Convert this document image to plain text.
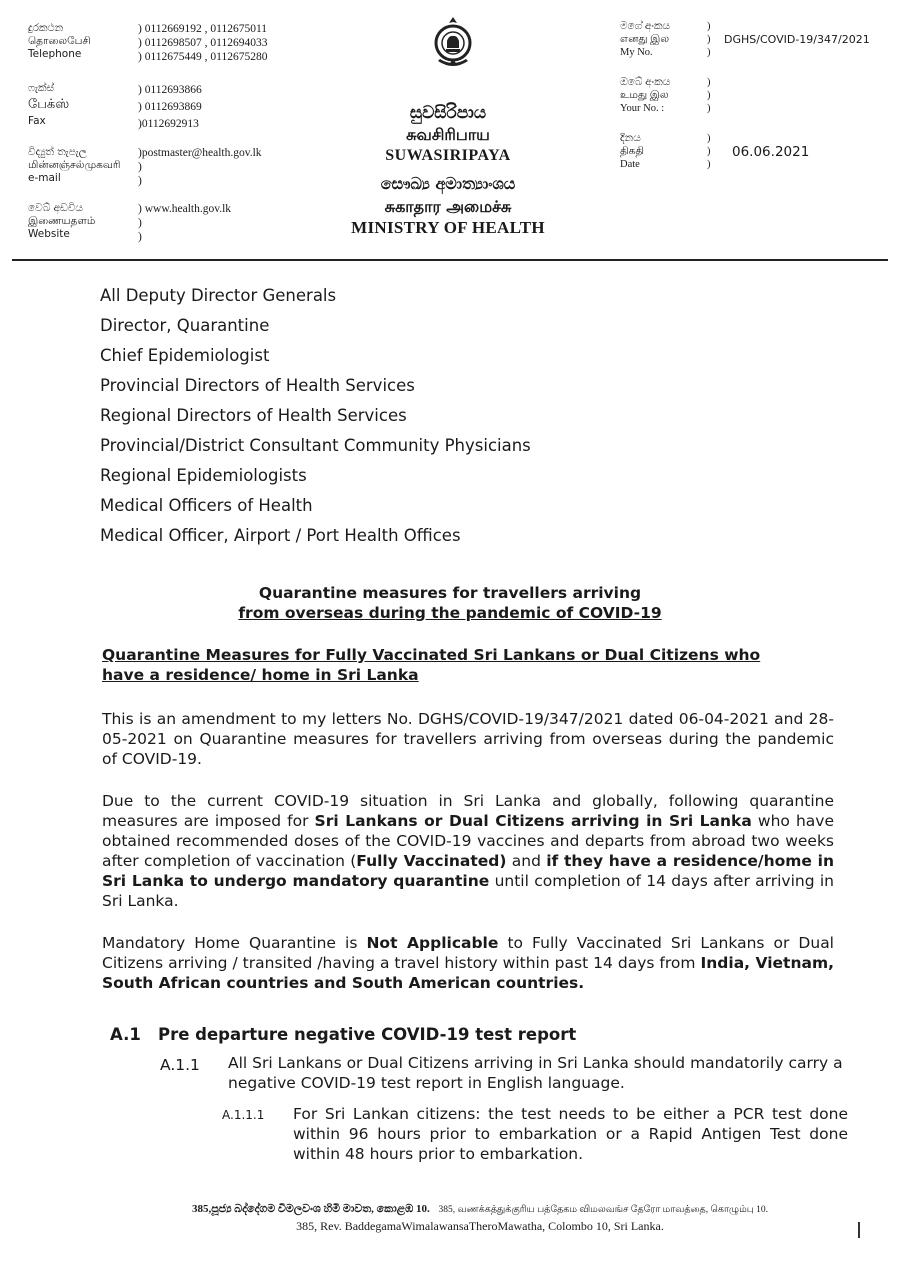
දුරකථන
தொலைபேசி
Telephone
) 0112669192 , 0112675011
) 0112698507 , 0112694033
) 0112675449 , 0112675280
ෆැක්ස්
பேக்ஸ்
Fax
) 0112693866
) 0112693869
)0112692913
විද්‍යුත් තැපැල
மின்னஞ்சல்முகவரி
e-mail
)postmaster@health.gov.lk
)
)
වෙබ් අඩවිය
இணையதளம்
Website
) www.health.gov.lk
)
)
සුවසිරිපාය
சுவசிரிபாய
SUWASIRIPAYA
සෞඛ්‍ය අමාත්‍යාංශය
சுகாதார அமைச்சு
MINISTRY OF HEALTH
මගේ අංකය
எனது இல
My No.
)
)
)
DGHS/COVID-19/347/2021
ඔබේ අංකය
உமது இல
Your No. :
)
)
)
දිනය
திகதி
Date
)
)
)
06.06.2021
All Deputy Director Generals
Director, Quarantine
Chief Epidemiologist
Provincial Directors of Health Services
Regional Directors of Health Services
Provincial/District Consultant Community Physicians
Regional Epidemiologists
Medical Officers of Health
Medical Officer, Airport / Port Health Offices
Quarantine measures for travellers arriving
from overseas during the pandemic of COVID-19
Quarantine Measures for Fully Vaccinated Sri Lankans or Dual Citizens who
have a residence/ home in Sri Lanka
This is an amendment to my letters No. DGHS/COVID-19/347/2021 dated 06-04-2021 and 28-05-2021 on Quarantine measures for travellers arriving from overseas during the pandemic of COVID-19.
Due to the current COVID-19 situation in Sri Lanka and globally, following quarantine measures are imposed for Sri Lankans or Dual Citizens arriving in Sri Lanka who have obtained recommended doses of the COVID-19 vaccines and departs from abroad two weeks after completion of vaccination (Fully Vaccinated) and if they have a residence/home in Sri Lanka to undergo mandatory quarantine until completion of 14 days after arriving in Sri Lanka.
Mandatory Home Quarantine is Not Applicable to Fully Vaccinated Sri Lankans or Dual Citizens arriving / transited /having a travel history within past 14 days from India, Vietnam, South African countries and South American countries.
A.1 Pre departure negative COVID-19 test report
A.1.1 All Sri Lankans or Dual Citizens arriving in Sri Lanka should mandatorily carry a negative COVID-19 test report in English language.
A.1.1.1 For Sri Lankan citizens: the test needs to be either a PCR test done within 96 hours prior to embarkation or a Rapid Antigen Test done within 48 hours prior to embarkation.
385,පූජ්‍ය බද්දේගම විමලවංශ හිමි මාවත, කොළඹ 10. 385, வணக்கத்துக்குரிய பத்தேகம விமலவங்ச தேரோ மாவத்தை, கொழும்பு 10.
385, Rev. BaddegamaWimalawansaTheroMawatha, Colombo 10, Sri Lanka.
